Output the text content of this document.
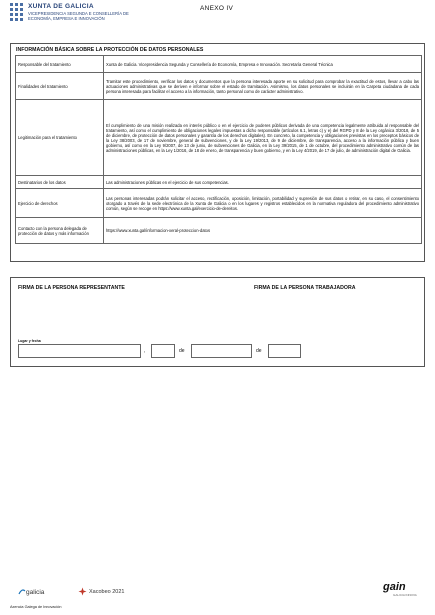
XUNTA DE GALICIA
VICEPRESIDENCIA SEGUNDA E CONSELLERÍA DE ECONOMÍA, EMPRESA E INNOVACIÓN
ANEXO IV
INFORMACIÓN BÁSICA SOBRE LA PROTECCIÓN DE DATOS PERSONALES
Responsable del tratamiento	Xunta de Galicia. Vicepresidencia Segunda y Consellería de Economía, Empresa e Innovación. Secretaría General Técnica
Finalidades del tratamiento	Tramitar este procedimiento, verificar los datos y documentos que la persona interesada aporte en su solicitud para comprobar la exactitud de estos, llevar a cabo las actuaciones administrativas que se deriven e informar sobre el estado de tramitación. Asimismo, los datos personales se incluirán en la Carpeta ciudadana de cada persona interesada para facilitar el acceso a la información, tanto personal como de carácter administrativo.
Legitimación para el tratamiento	El cumplimiento de una misión realizada en interés público o en el ejercicio de poderes públicos derivada de una competencia legalmente atribuida al responsable del tratamiento, así como el cumplimiento de obligaciones legales impuestas a dicho responsable (artículos 6.1, letras c) y e) del RGPD y 8 de la Ley orgánica 3/2018, de 5 de diciembre, de protección de datos personales y garantía de los derechos digitales). En concreto, la competencia y obligaciones previstas en los preceptos básicos de la Ley 38/2003, de 17 de noviembre, general de subvenciones, y de la Ley 19/2013, de 9 de diciembre, de transparencia, acceso a la información pública y buen gobierno, así como en la Ley 9/2007, de 13 de junio, de subvenciones de Galicia, en la Ley 39/2015, de 1 de octubre, del procedimiento administrativo común de las administraciones públicas, en la Ley 1/2016, de 18 de enero, de transparencia y buen gobierno, y en la Ley 4/2019, de 17 de julio, de administración digital de Galicia.
Destinatarios de los datos	Las administraciones públicas en el ejercicio de sus competencias.
Ejercicio de derechos	Las personas interesadas podrán solicitar el acceso, rectificación, oposición, limitación, portabilidad y supresión de sus datos o retirar, en su caso, el consentimiento otorgado a través de la sede electrónica de la Xunta de Galicia o en los lugares y registros establecidos en la normativa reguladora del procedimiento administrativo común, según se recoge en https://www.xunta.gal/exercicio-de-dereitos.
Contacto con la persona delegada de protección de datos y más información	https://www.xunta.gal/informacion-xeral-proteccion-datos
FIRMA DE LA PERSONA REPRESENTANTE	FIRMA DE LA PERSONA TRABAJADORA
Lugar y fecha
,	de	de
galicia	Xacobeo 2021	gain
GALICIA INNOVA
Axencia Galega de Innovación
